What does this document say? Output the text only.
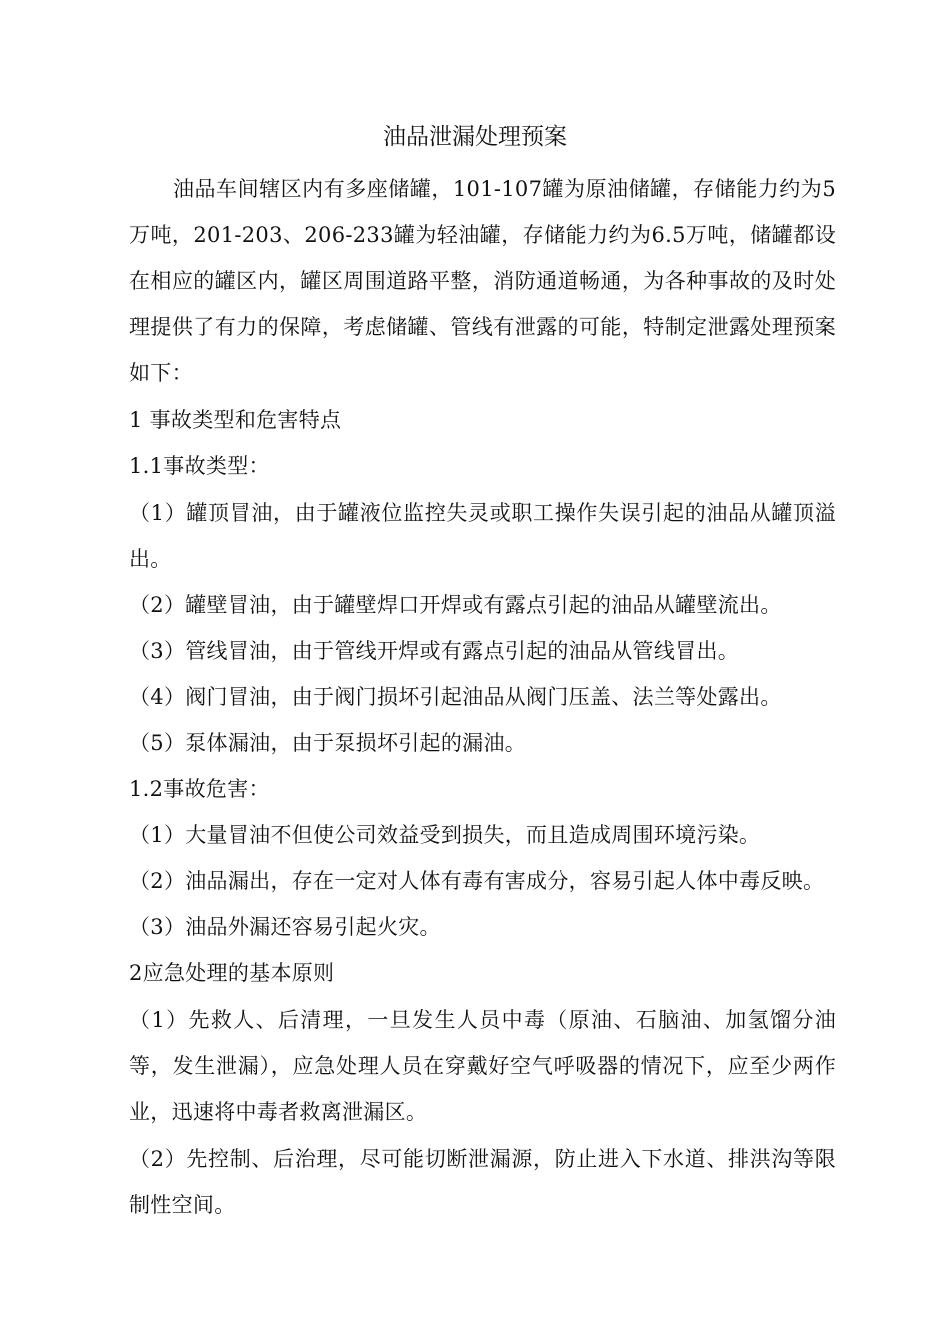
油品泄漏处理预案
油品车间辖区内有多座储罐，101-107罐为原油储罐，存储能力约为5万吨，201-203、206-233罐为轻油罐，存储能力约为6.5万吨，储罐都设在相应的罐区内，罐区周围道路平整，消防通道畅通，为各种事故的及时处理提供了有力的保障，考虑储罐、管线有泄露的可能，特制定泄露处理预案如下：
1 事故类型和危害特点
1.1事故类型：
（1）罐顶冒油，由于罐液位监控失灵或职工操作失误引起的油品从罐顶溢出。
（2）罐壁冒油，由于罐壁焊口开焊或有露点引起的油品从罐壁流出。
（3）管线冒油，由于管线开焊或有露点引起的油品从管线冒出。
（4）阀门冒油，由于阀门损坏引起油品从阀门压盖、法兰等处露出。
（5）泵体漏油，由于泵损坏引起的漏油。
1.2事故危害：
（1）大量冒油不但使公司效益受到损失，而且造成周围环境污染。
（2）油品漏出，存在一定对人体有毒有害成分，容易引起人体中毒反映。
（3）油品外漏还容易引起火灾。
2应急处理的基本原则
（1）先救人、后清理，一旦发生人员中毒（原油、石脑油、加氢馏分油等，发生泄漏），应急处理人员在穿戴好空气呼吸器的情况下，应至少两作业，迅速将中毒者救离泄漏区。
（2）先控制、后治理，尽可能切断泄漏源，防止进入下水道、排洪沟等限制性空间。
